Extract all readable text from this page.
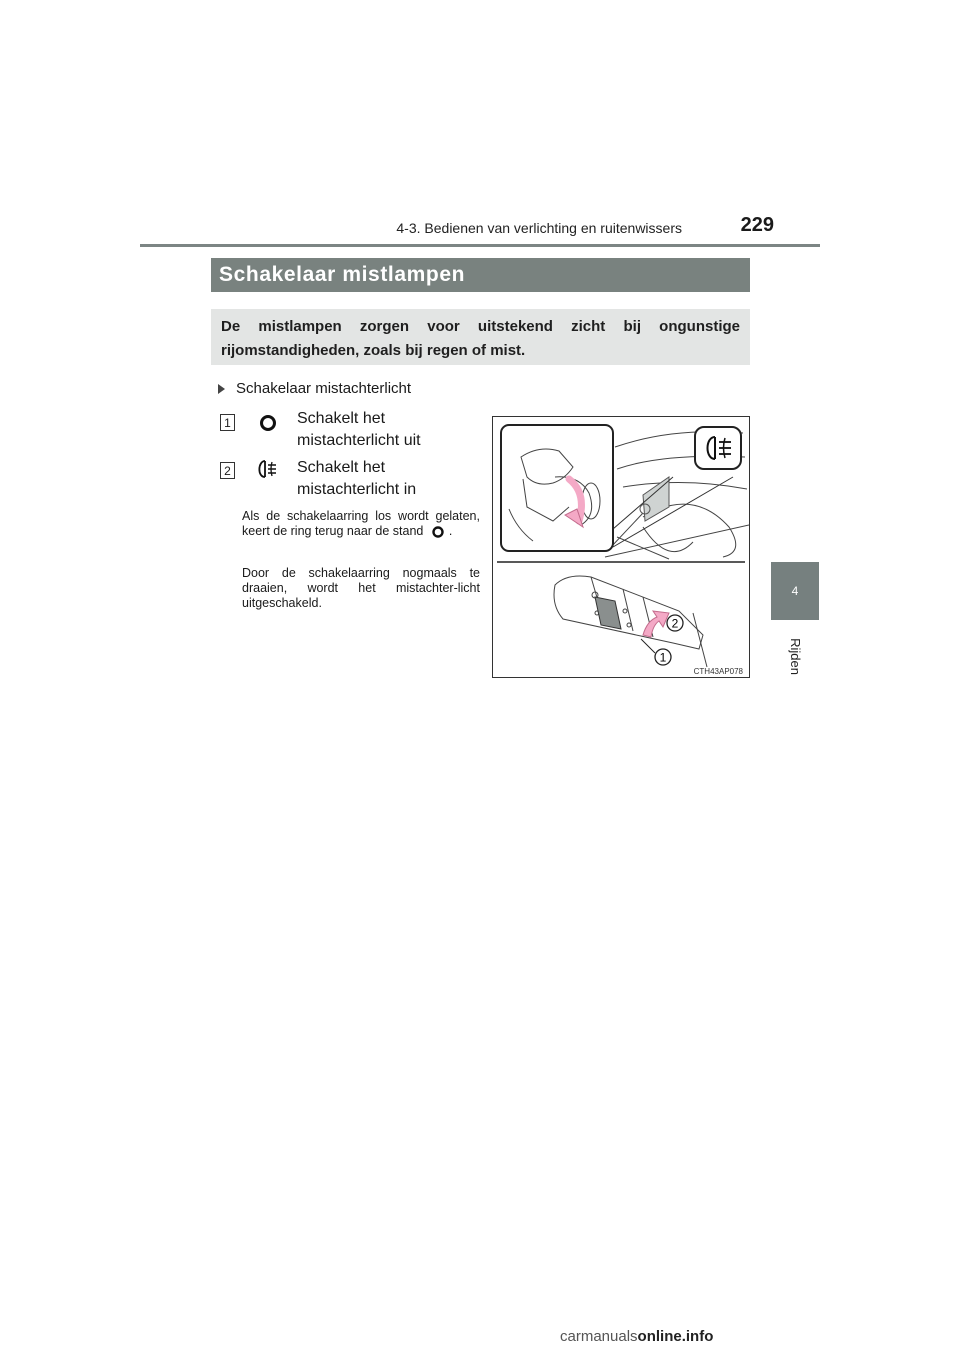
4-3. Bedienen van verlichting en ruitenwissers	229
4
Rijden
Schakelaar mistlampen
De mistlampen zorgen voor uitstekend zicht bij ongunstige rijomstandigheden, zoals bij regen of mist.
Schakelaar mistachterlicht
1	Schakelt het mistachterlicht uit
2	Schakelt het mistachterlicht in
Als de schakelaarring los wordt gelaten, keert de ring terug naar de stand .
Door de schakelaarring nogmaals te draaien, wordt het mistachter-licht uitgeschakeld.
2
1
CTH43AP078
carmanualsonline.info
